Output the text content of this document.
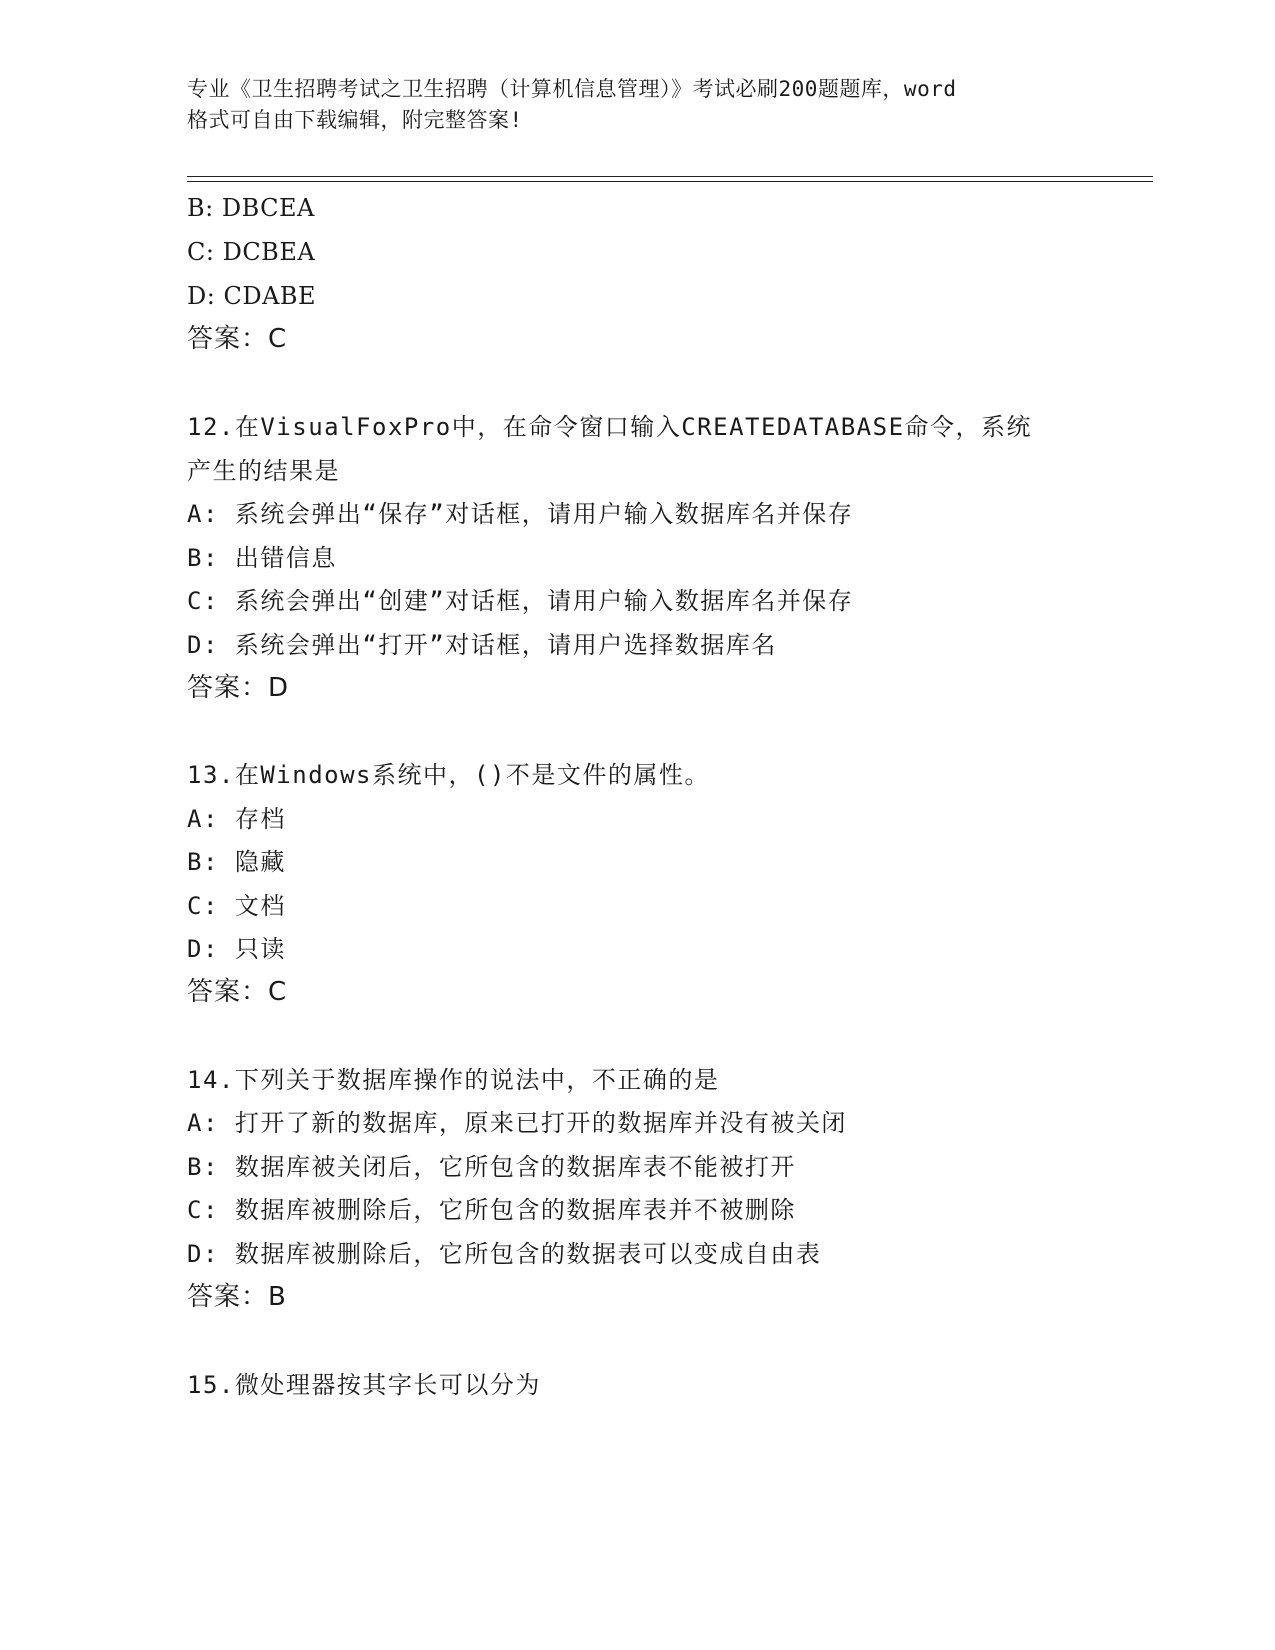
专业《卫生招聘考试之卫生招聘（计算机信息管理）》考试必刷200题题库，word
格式可自由下载编辑，附完整答案!
B: DBCEA
C: DCBEA
D: CDABE
答案：C
12.在VisualFoxPro中，在命令窗口输入CREATEDATABASE命令，系统
产生的结果是
A: 系统会弹出“保存”对话框，请用户输入数据库名并保存
B: 出错信息
C: 系统会弹出“创建”对话框，请用户输入数据库名并保存
D: 系统会弹出“打开”对话框，请用户选择数据库名
答案：D
13.在Windows系统中，()不是文件的属性。
A: 存档
B: 隐藏
C: 文档
D: 只读
答案：C
14.下列关于数据库操作的说法中，不正确的是
A: 打开了新的数据库，原来已打开的数据库并没有被关闭
B: 数据库被关闭后，它所包含的数据库表不能被打开
C: 数据库被删除后，它所包含的数据库表并不被删除
D: 数据库被删除后，它所包含的数据表可以变成自由表
答案：B
15.微处理器按其字长可以分为
